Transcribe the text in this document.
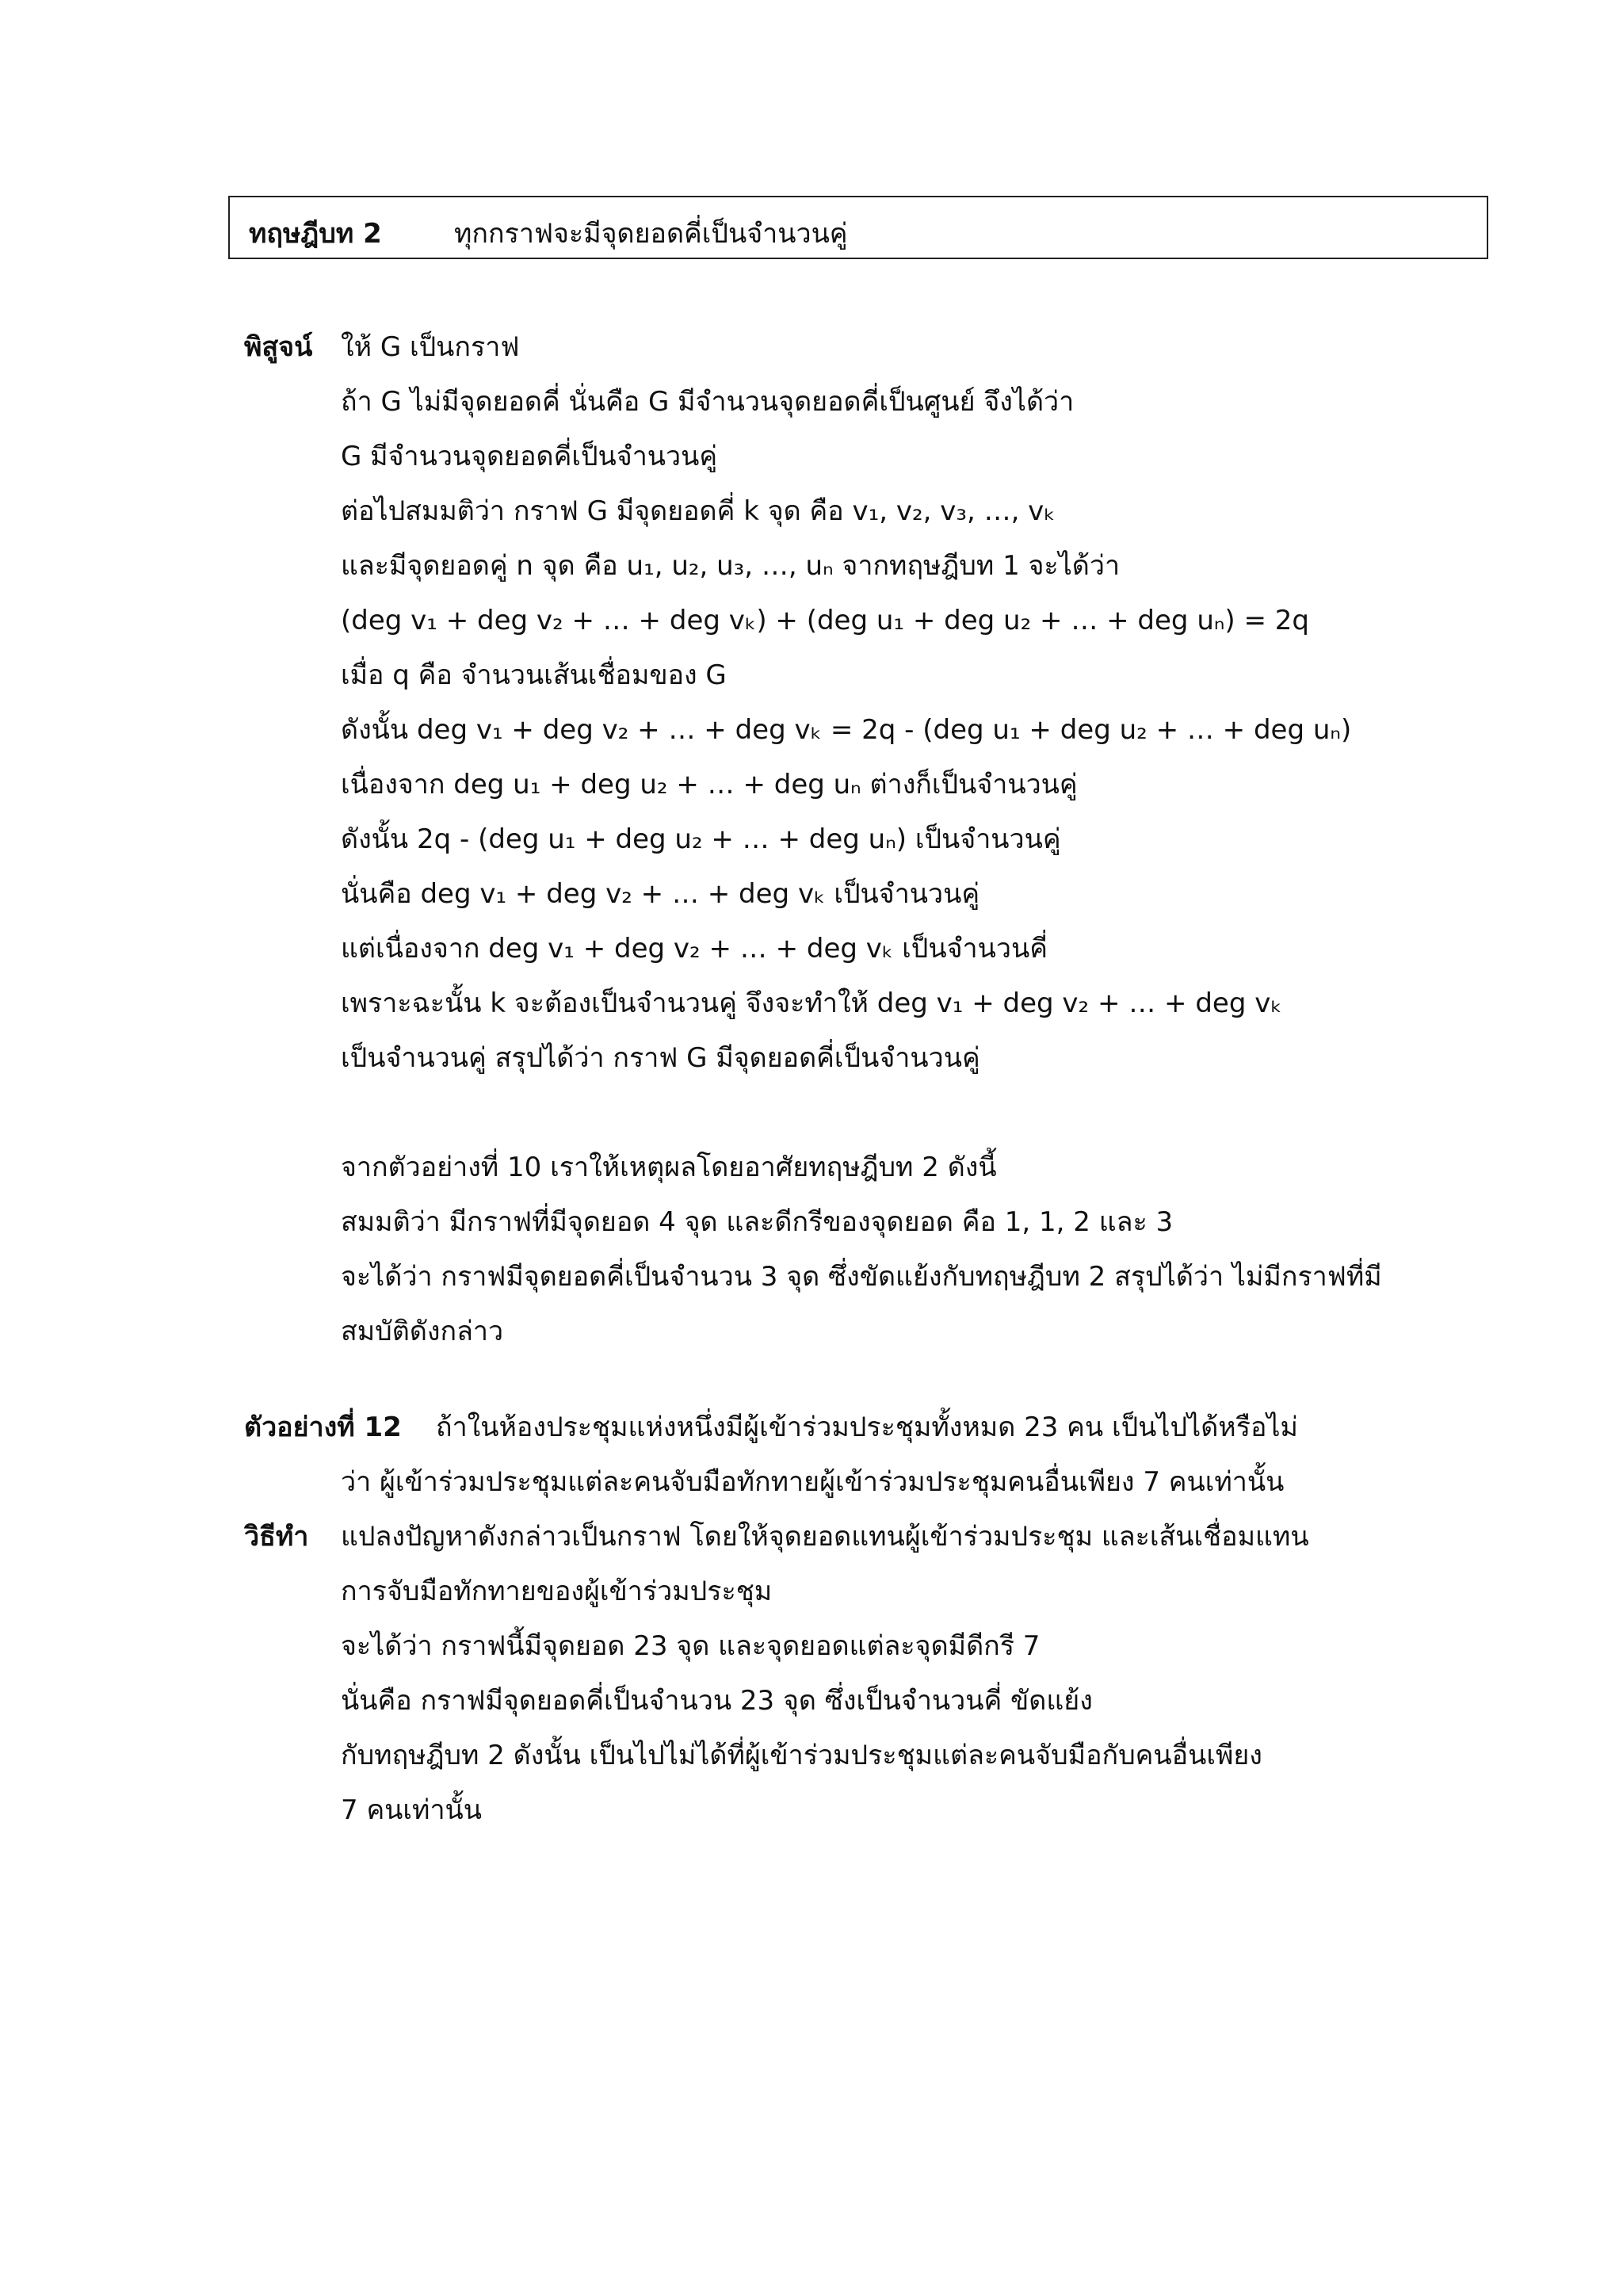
ทฤษฎีบท 2	ทุกกราฟจะมีจุดยอดคี่เป็นจำนวนคู่
พิสูจน์ ให้ G เป็นกราฟ
ถ้า G ไม่มีจุดยอดคี่ นั่นคือ G มีจำนวนจุดยอดคี่เป็นศูนย์ จึงได้ว่า
G มีจำนวนจุดยอดคี่เป็นจำนวนคู่
ต่อไปสมมติว่า กราฟ G มีจุดยอดคี่ k จุด คือ v₁, v₂, v₃, …, vₖ
และมีจุดยอดคู่ n จุด คือ u₁, u₂, u₃, …, uₙ จากทฤษฎีบท 1 จะได้ว่า
(deg v₁ + deg v₂ + … + deg vₖ) + (deg u₁ + deg u₂ + … + deg uₙ) = 2q
เมื่อ q คือ จำนวนเส้นเชื่อมของ G
ดังนั้น deg v₁ + deg v₂ + … + deg vₖ = 2q - (deg u₁ + deg u₂ + … + deg uₙ)
เนื่องจาก deg u₁ + deg u₂ + … + deg uₙ ต่างก็เป็นจำนวนคู่
ดังนั้น 2q - (deg u₁ + deg u₂ + … + deg uₙ) เป็นจำนวนคู่
นั่นคือ deg v₁ + deg v₂ + … + deg vₖ เป็นจำนวนคู่
แต่เนื่องจาก deg v₁ + deg v₂ + … + deg vₖ เป็นจำนวนคี่
เพราะฉะนั้น k จะต้องเป็นจำนวนคู่ จึงจะทำให้ deg v₁ + deg v₂ + … + deg vₖ
เป็นจำนวนคู่ สรุปได้ว่า กราฟ G มีจุดยอดคี่เป็นจำนวนคู่
จากตัวอย่างที่ 10 เราให้เหตุผลโดยอาศัยทฤษฎีบท 2 ดังนี้
สมมติว่า มีกราฟที่มีจุดยอด 4 จุด และดีกรีของจุดยอด คือ 1, 1, 2 และ 3
จะได้ว่า กราฟมีจุดยอดคี่เป็นจำนวน 3 จุด ซึ่งขัดแย้งกับทฤษฎีบท 2 สรุปได้ว่า ไม่มีกราฟที่มี
สมบัติดังกล่าว
ตัวอย่างที่ 12 ถ้าในห้องประชุมแห่งหนึ่งมีผู้เข้าร่วมประชุมทั้งหมด 23 คน เป็นไปได้หรือไม่
ว่า ผู้เข้าร่วมประชุมแต่ละคนจับมือทักทายผู้เข้าร่วมประชุมคนอื่นเพียง 7 คนเท่านั้น
วิธีทำ แปลงปัญหาดังกล่าวเป็นกราฟ โดยให้จุดยอดแทนผู้เข้าร่วมประชุม และเส้นเชื่อมแทน
การจับมือทักทายของผู้เข้าร่วมประชุม
จะได้ว่า กราฟนี้มีจุดยอด 23 จุด และจุดยอดแต่ละจุดมีดีกรี 7
นั่นคือ กราฟมีจุดยอดคี่เป็นจำนวน 23 จุด ซึ่งเป็นจำนวนคี่ ขัดแย้ง
กับทฤษฎีบท 2 ดังนั้น เป็นไปไม่ได้ที่ผู้เข้าร่วมประชุมแต่ละคนจับมือกับคนอื่นเพียง
7 คนเท่านั้น
